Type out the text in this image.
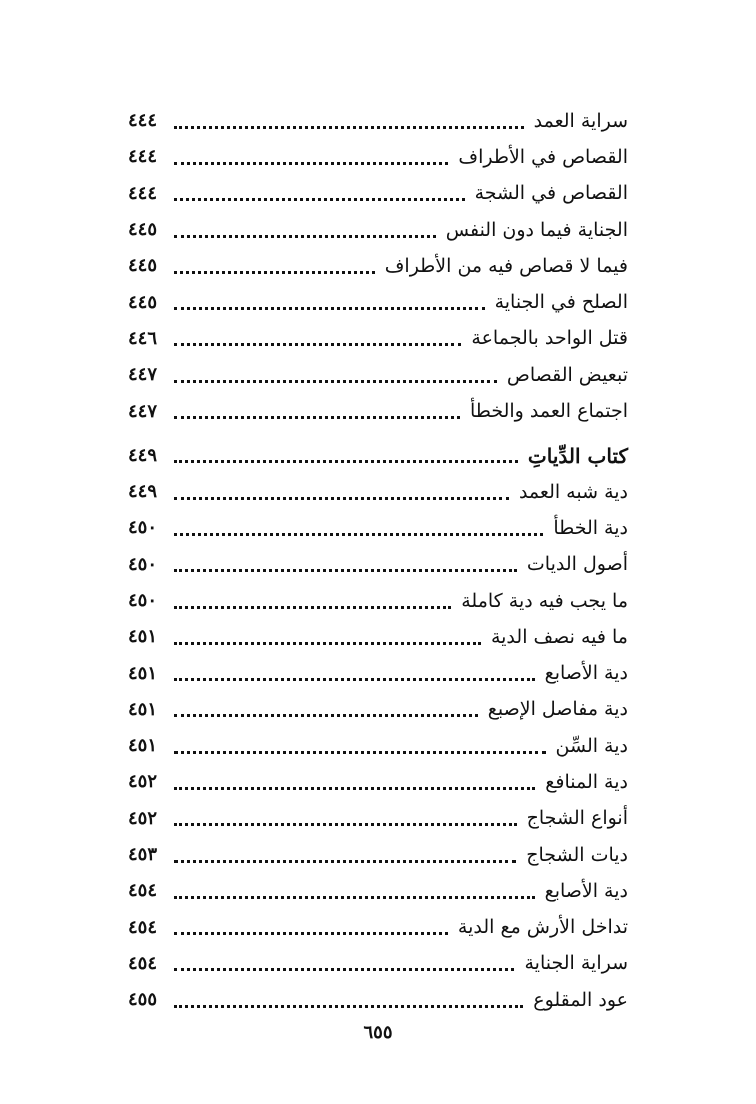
سراية العمد
٤٤٤
القصاص في الأطراف
٤٤٤
القصاص في الشجة
٤٤٤
الجناية فيما دون النفس
٤٤٥
فيما لا قصاص فيه من الأطراف
٤٤٥
الصلح في الجناية
٤٤٥
قتل الواحد بالجماعة
٤٤٦
تبعيض القصاص
٤٤٧
اجتماع العمد والخطأ
٤٤٧
كتاب الدِّياتِ
٤٤٩
دية شبه العمد
٤٤٩
دية الخطأ
٤٥٠
أصول الديات
٤٥٠
ما يجب فيه دية كاملة
٤٥٠
ما فيه نصف الدية
٤٥١
دية الأصابع
٤٥١
دية مفاصل الإصبع
٤٥١
دية السِّن
٤٥١
دية المنافع
٤٥٢
أنواع الشجاج
٤٥٢
ديات الشجاج
٤٥٣
دية الأصابع
٤٥٤
تداخل الأرش مع الدية
٤٥٤
سراية الجناية
٤٥٤
عود المقلوع
٤٥٥
٦٥٥
